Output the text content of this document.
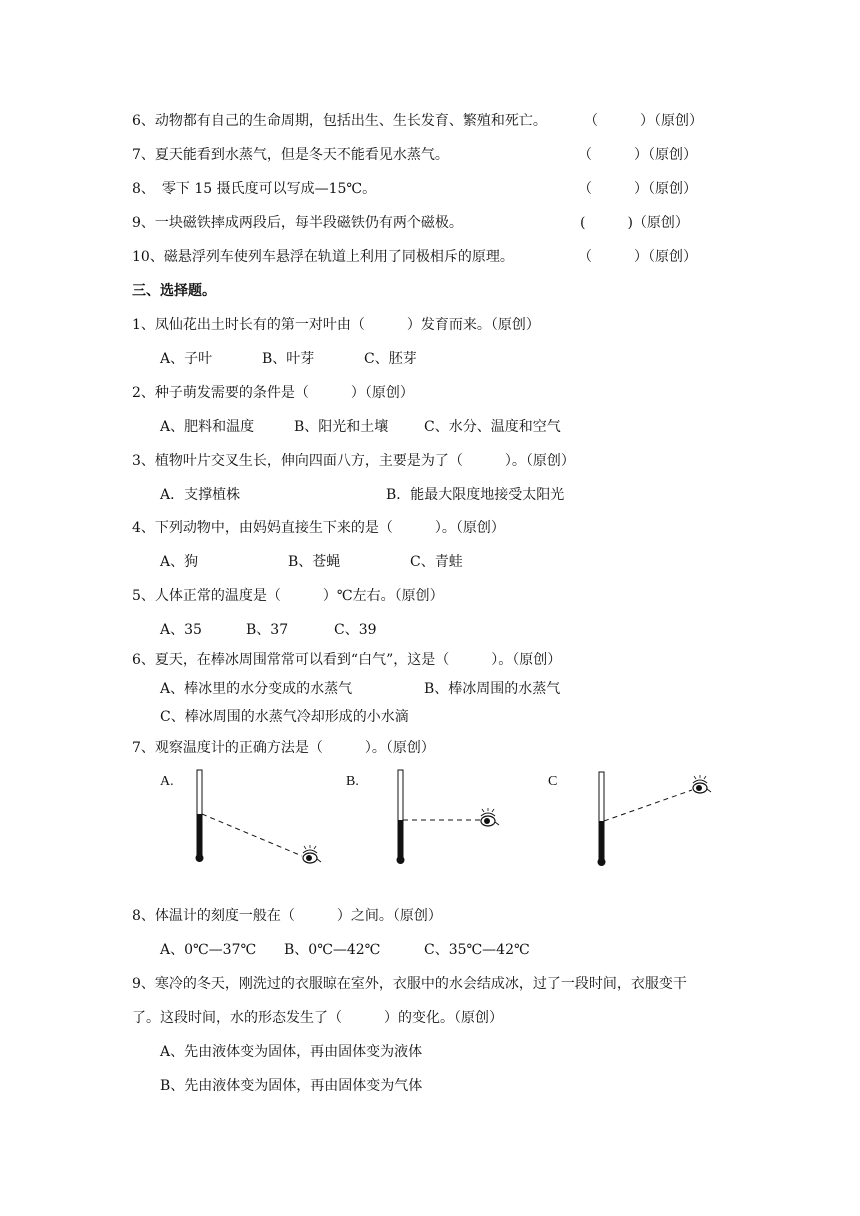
6、动物都有自己的生命周期，包括出生、生长发育、繁殖和死亡。	（　　　）（原创）
7、夏天能看到水蒸气，但是冬天不能看见水蒸气。	（　　　）（原创）
8、　零下 15 摄氏度可以写成—15℃。	（　　　）（原创）
9、一块磁铁摔成两段后，每半段磁铁仍有两个磁极。	(　　　)（原创）
10、磁悬浮列车使列车悬浮在轨道上利用了同极相斥的原理。	（　　　）（原创）
三、选择题。
1、凤仙花出土时长有的第一对叶由（　　　）发育而来。（原创）
A、子叶	B、叶芽	C、胚芽
2、种子萌发需要的条件是（　　　）（原创）
A、肥料和温度	B、阳光和土壤	C、水分、温度和空气
3、植物叶片交叉生长，伸向四面八方，主要是为了（　　　）。（原创）
A．支撑植株	B．能最大限度地接受太阳光
4、下列动物中，由妈妈直接生下来的是（　　　）。（原创）
A、狗	B、苍蝇	C、青蛙
5、人体正常的温度是（　　　）℃左右。（原创）
A、35	B、37	C、39
6、夏天，在棒冰周围常常可以看到“白气”，这是（　　　）。（原创）
A、棒冰里的水分变成的水蒸气	B、棒冰周围的水蒸气
C、棒冰周围的水蒸气冷却形成的小水滴
7、观察温度计的正确方法是（　　　）。（原创）
A.	B.	C
8、体温计的刻度一般在（　　　）之间。（原创）
A、0℃—37℃ B、0℃—42℃	C、35℃—42℃
9、寒冷的冬天，刚洗过的衣服晾在室外，衣服中的水会结成冰，过了一段时间，衣服变干
了。这段时间，水的形态发生了（　　　）的变化。（原创）
A、先由液体变为固体，再由固体变为液体
B、先由液体变为固体，再由固体变为气体
